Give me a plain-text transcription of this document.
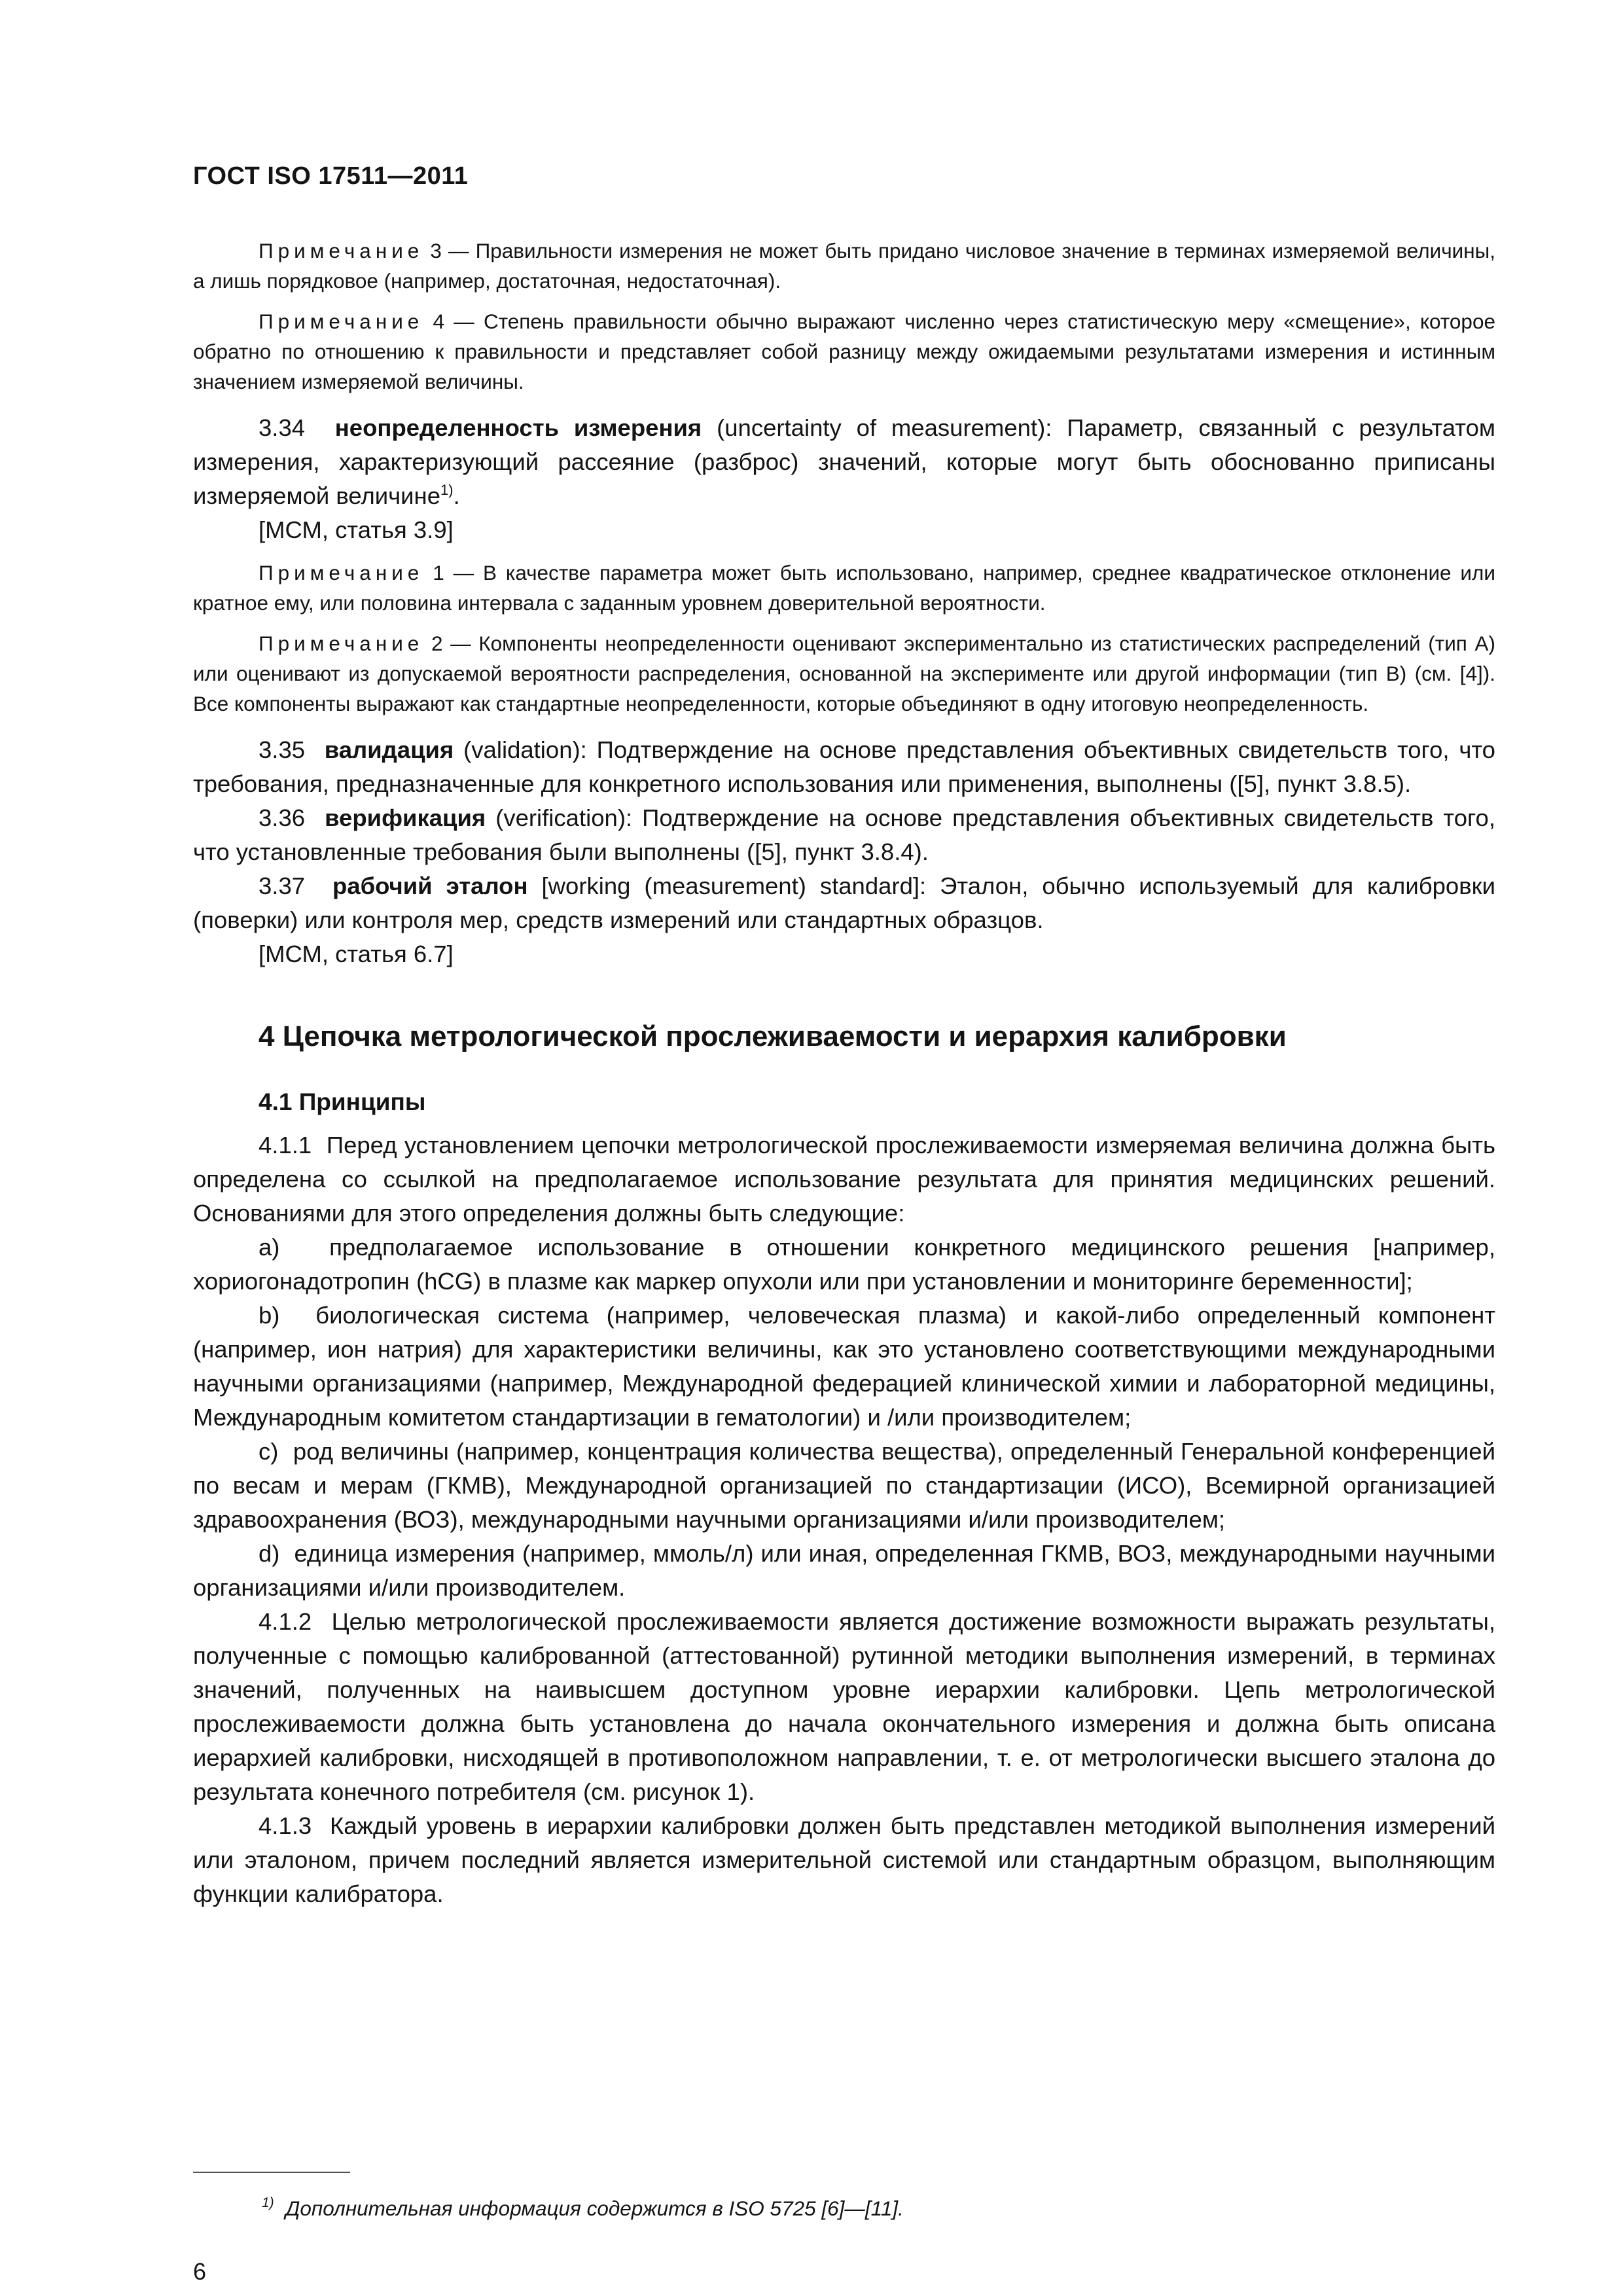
ГОСТ ISO 17511—2011

Примечание 3 — Правильности измерения не может быть придано числовое значение в терминах измеряемой величины, а лишь порядковое (например, достаточная, недостаточная).

Примечание 4 — Степень правильности обычно выражают численно через статистическую меру «смещение», которое обратно по отношению к правильности и представляет собой разницу между ожидаемыми результатами измерения и истинным значением измеряемой величины.

3.34 неопределенность измерения (uncertainty of measurement): Параметр, связанный с результатом измерения, характеризующий рассеяние (разброс) значений, которые могут быть обоснованно приписаны измеряемой величине$^{1)}$.

[МСМ, статья 3.9]

Примечание 1 — В качестве параметра может быть использовано, например, среднее квадратическое отклонение или кратное ему, или половина интервала с заданным уровнем доверительной вероятности.

Примечание 2 — Компоненты неопределенности оценивают экспериментально из статистических распределений (тип А) или оценивают из допускаемой вероятности распределения, основанной на эксперименте или другой информации (тип В) (см. [4]). Все компоненты выражают как стандартные неопределенности, которые объединяют в одну итоговую неопределенность.

3.35 валидация (validation): Подтверждение на основе представления объективных свидетельств того, что требования, предназначенные для конкретного использования или применения, выполнены ([5], пункт 3.8.5).

3.36 верификация (verification): Подтверждение на основе представления объективных свидетельств того, что установленные требования были выполнены ([5], пункт 3.8.4).

3.37 рабочий эталон [working (measurement) standard]: Эталон, обычно используемый для калибровки (поверки) или контроля мер, средств измерений или стандартных образцов.

[МСМ, статья 6.7]

4 Цепочка метрологической прослеживаемости и иерархия калибровки
4.1 Принципы

4.1.1 Перед установлением цепочки метрологической прослеживаемости измеряемая величина должна быть определена со ссылкой на предполагаемое использование результата для принятия медицинских решений. Основаниями для этого определения должны быть следующие:

a) предполагаемое использование в отношении конкретного медицинского решения [например, хориогонадотропин (hCG) в плазме как маркер опухоли или при установлении и мониторинге беременности];

b) биологическая система (например, человеческая плазма) и какой-либо определенный компонент (например, ион натрия) для характеристики величины, как это установлено соответствующими международными научными организациями (например, Международной федерацией клинической химии и лабораторной медицины, Международным комитетом стандартизации в гематологии) и /или производителем;

c) род величины (например, концентрация количества вещества), определенный Генеральной конференцией по весам и мерам (ГКМВ), Международной организацией по стандартизации (ИСО), Всемирной организацией здравоохранения (ВОЗ), международными научными организациями и/или производителем;

d) единица измерения (например, ммоль/л) или иная, определенная ГКМВ, ВОЗ, международными научными организациями и/или производителем.

4.1.2 Целью метрологической прослеживаемости является достижение возможности выражать результаты, полученные с помощью калиброванной (аттестованной) рутинной методики выполнения измерений, в терминах значений, полученных на наивысшем доступном уровне иерархии калибровки. Цепь метрологической прослеживаемости должна быть установлена до начала окончательного измерения и должна быть описана иерархией калибровки, нисходящей в противоположном направлении, т. е. от метрологически высшего эталона до результата конечного потребителя (см. рисунок 1).

4.1.3 Каждый уровень в иерархии калибровки должен быть представлен методикой выполнения измерений или эталоном, причем последний является измерительной системой или стандартным образцом, выполняющим функции калибратора.

$^{1)}$ Дополнительная информация содержится в ISO 5725 [6]—[11].
6
